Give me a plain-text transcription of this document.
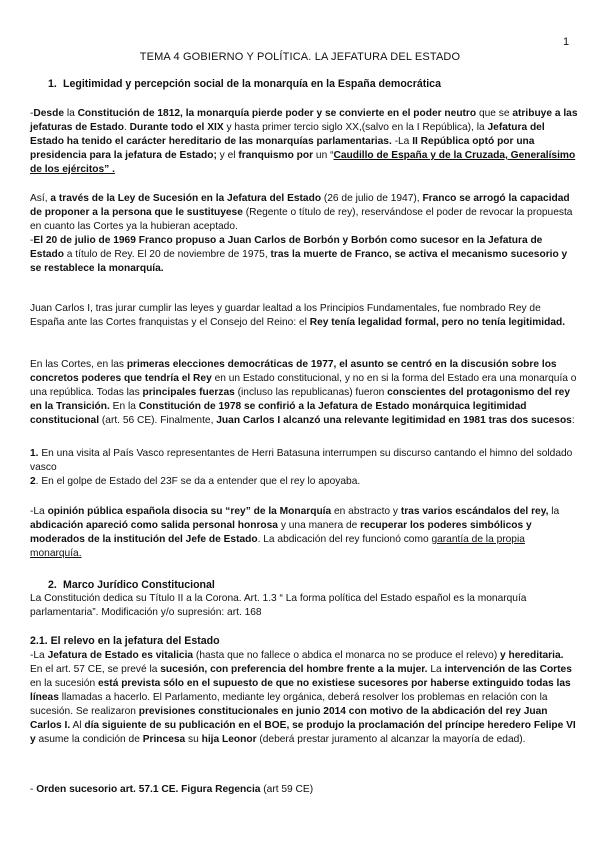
1
TEMA 4 GOBIERNO Y POLÍTICA. LA JEFATURA DEL ESTADO
1. Legitimidad y percepción social de la monarquía en la España democrática
-Desde la Constitución de 1812, la monarquía pierde poder y se convierte en el poder neutro que se atribuye a las jefaturas de Estado. Durante todo el XIX y hasta primer tercio siglo XX,(salvo en la I República), la Jefatura del Estado ha tenido el carácter hereditario de las monarquías parlamentarias. -La II República optó por una presidencia para la jefatura de Estado; y el franquismo por un “Caudillo de España y de la Cruzada, Generalísimo de los ejércitos” .
Así, a través de la Ley de Sucesión en la Jefatura del Estado (26 de julio de 1947), Franco se arrogó la capacidad de proponer a la persona que le sustituyese (Regente o título de rey), reservándose el poder de revocar la propuesta en cuanto las Cortes ya la hubieran aceptado.
-El 20 de julio de 1969 Franco propuso a Juan Carlos de Borbón y Borbón como sucesor en la Jefatura de Estado a título de Rey. El 20 de noviembre de 1975, tras la muerte de Franco, se activa el mecanismo sucesorio y se restablece la monarquía.
Juan Carlos I, tras jurar cumplir las leyes y guardar lealtad a los Principios Fundamentales, fue nombrado Rey de España ante las Cortes franquistas y el Consejo del Reino: el Rey tenía legalidad formal, pero no tenía legitimidad.
En las Cortes, en las primeras elecciones democráticas de 1977, el asunto se centró en la discusión sobre los concretos poderes que tendría el Rey en un Estado constitucional, y no en si la forma del Estado era una monarquía o una república. Todas las principales fuerzas (incluso las republicanas) fueron conscientes del protagonismo del rey en la Transición. En la Constitución de 1978 se confirió a la Jefatura de Estado monárquica legitimidad constitucional (art. 56 CE). Finalmente, Juan Carlos I alcanzó una relevante legitimidad en 1981 tras dos sucesos:
1. En una visita al País Vasco representantes de Herri Batasuna interrumpen su discurso cantando el himno del soldado vasco
2. En el golpe de Estado del 23F se da a entender que el rey lo apoyaba.
-La opinión pública española disocia su “rey” de la Monarquía en abstracto y tras varios escándalos del rey, la abdicación apareció como salida personal honrosa y una manera de recuperar los poderes simbólicos y moderados de la institución del Jefe de Estado. La abdicación del rey funcionó como garantía de la propia monarquía.
2. Marco Jurídico Constitucional
La Constitución dedica su Título II a la Corona. Art. 1.3 “ La forma política del Estado español es la monarquía parlamentaria”. Modificación y/o supresión: art. 168
2.1. El relevo en la jefatura del Estado
-La Jefatura de Estado es vitalicia (hasta que no fallece o abdica el monarca no se produce el relevo) y hereditaria. En el art. 57 CE, se prevé la sucesión, con preferencia del hombre frente a la mujer. La intervención de las Cortes en la sucesión está prevista sólo en el supuesto de que no existiese sucesores por haberse extinguido todas las líneas llamadas a hacerlo. El Parlamento, mediante ley orgánica, deberá resolver los problemas en relación con la sucesión. Se realizaron previsiones constitucionales en junio 2014 con motivo de la abdicación del rey Juan Carlos I. Al día siguiente de su publicación en el BOE, se produjo la proclamación del príncipe heredero Felipe VI y asume la condición de Princesa su hija Leonor (deberá prestar juramento al alcanzar la mayoría de edad).
- Orden sucesorio art. 57.1 CE. Figura Regencia (art 59 CE)
